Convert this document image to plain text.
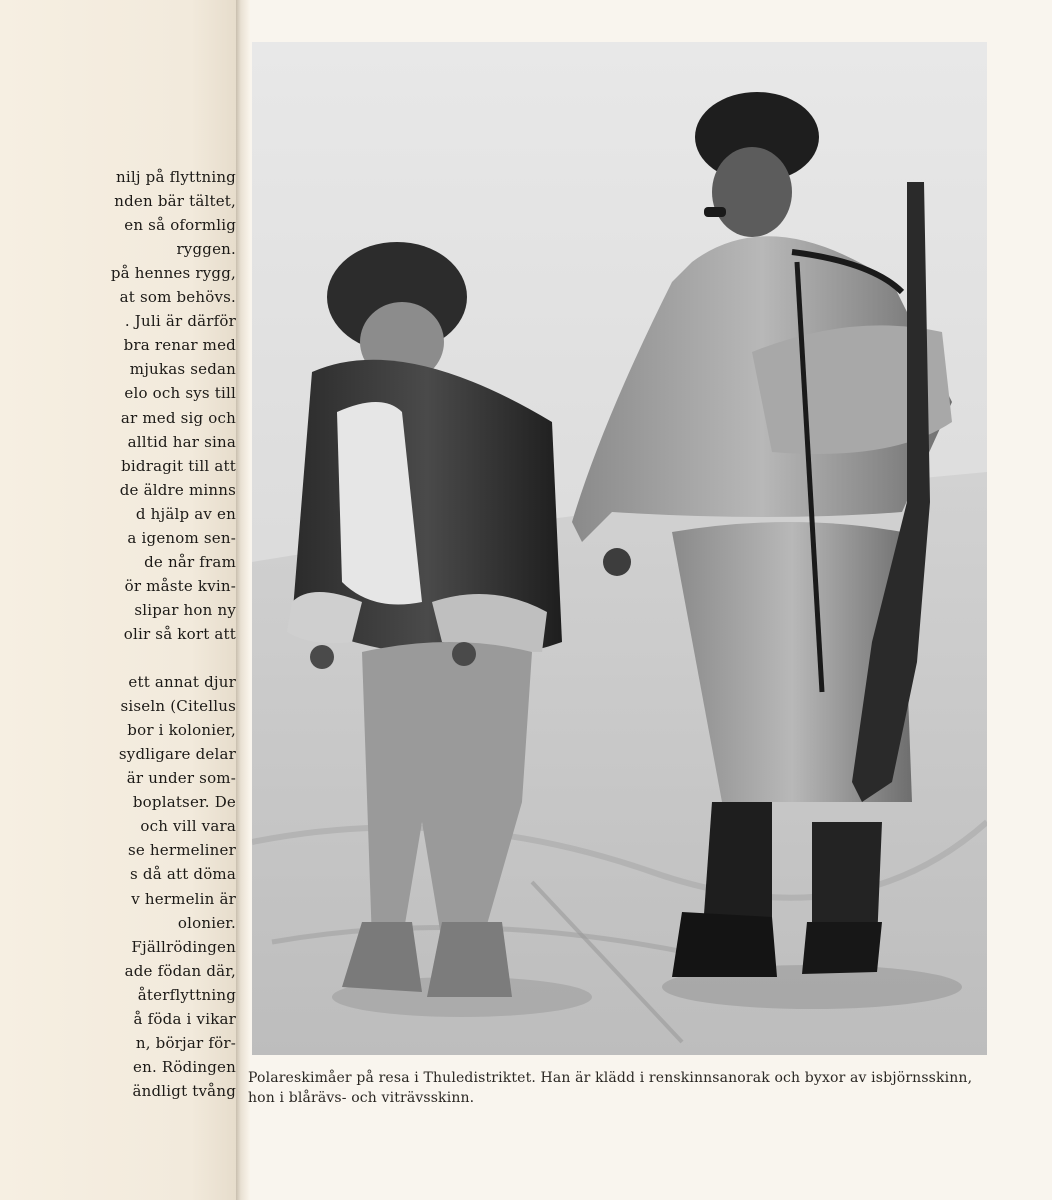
nilj på flyttning
nden bär tältet,
en så oformlig
ryggen.
på hennes rygg,
at som behövs.
. Juli är därför
bra renar med
mjukas sedan
elo och sys till
ar med sig och
alltid har sina
bidragit till att
de äldre minns
d hjälp av en
a igenom sen-
de når fram
ör måste kvin-
slipar hon ny
olir så kort att
ett annat djur
siseln (Citellus
bor i kolonier,
sydligare delar
är under som-
boplatser. De
och vill vara
se hermeliner
s då att döma
v hermelin är
olonier.
Fjällrödingen
ade födan där,
återflyttning
å föda i vikar
n, börjar för-
en. Rödingen
ändligt tvång
Polareskimåer på resa i Thuledistriktet. Han är klädd i renskinnsanorak och byxor av isbjörnsskinn,
hon i blårävs- och viträvsskinn.
